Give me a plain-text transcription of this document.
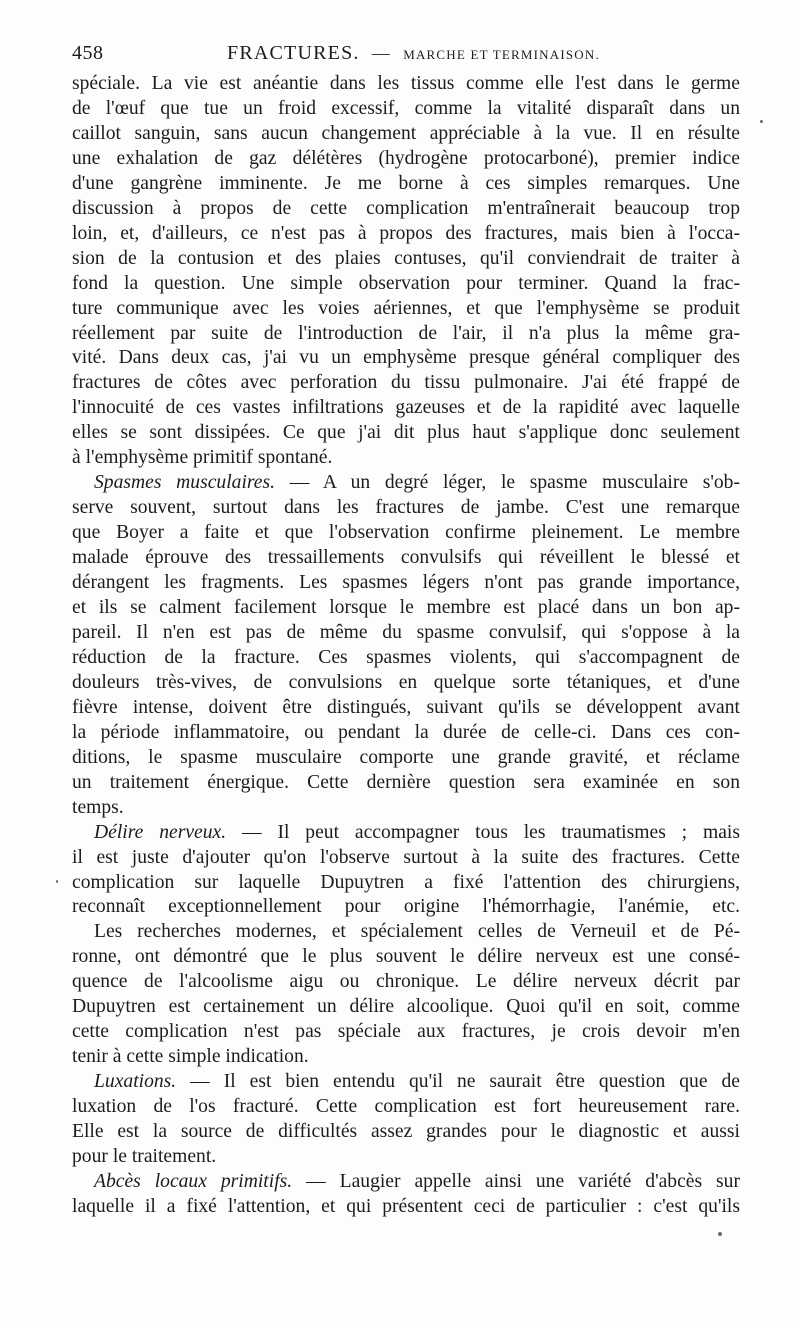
458	FRACTURES. — MARCHE ET TERMINAISON.

spéciale. La vie est anéantie dans les tissus comme elle l'est dans le germe

de l'œuf que tue un froid excessif, comme la vitalité disparaît dans un

caillot sanguin, sans aucun changement appréciable à la vue. Il en résulte

une exhalation de gaz délétères (hydrogène protocarboné), premier indice

d'une gangrène imminente. Je me borne à ces simples remarques. Une

discussion à propos de cette complication m'entraînerait beaucoup trop

loin, et, d'ailleurs, ce n'est pas à propos des fractures, mais bien à l'occa-

sion de la contusion et des plaies contuses, qu'il conviendrait de traiter à

fond la question. Une simple observation pour terminer. Quand la frac-

ture communique avec les voies aériennes, et que l'emphysème se produit

réellement par suite de l'introduction de l'air, il n'a plus la même gra-

vité. Dans deux cas, j'ai vu un emphysème presque général compliquer des

fractures de côtes avec perforation du tissu pulmonaire. J'ai été frappé de

l'innocuité de ces vastes infiltrations gazeuses et de la rapidité avec laquelle

elles se sont dissipées. Ce que j'ai dit plus haut s'applique donc seulement

à l'emphysème primitif spontané.

Spasmes musculaires. — A un degré léger, le spasme musculaire s'ob-

serve souvent, surtout dans les fractures de jambe. C'est une remarque

que Boyer a faite et que l'observation confirme pleinement. Le membre

malade éprouve des tressaillements convulsifs qui réveillent le blessé et

dérangent les fragments. Les spasmes légers n'ont pas grande importance,

et ils se calment facilement lorsque le membre est placé dans un bon ap-

pareil. Il n'en est pas de même du spasme convulsif, qui s'oppose à la

réduction de la fracture. Ces spasmes violents, qui s'accompagnent de

douleurs très-vives, de convulsions en quelque sorte tétaniques, et d'une

fièvre intense, doivent être distingués, suivant qu'ils se développent avant

la période inflammatoire, ou pendant la durée de celle-ci. Dans ces con-

ditions, le spasme musculaire comporte une grande gravité, et réclame

un traitement énergique. Cette dernière question sera examinée en son

temps.

Délire nerveux. — Il peut accompagner tous les traumatismes ; mais

il est juste d'ajouter qu'on l'observe surtout à la suite des fractures. Cette

complication sur laquelle Dupuytren a fixé l'attention des chirurgiens,

reconnaît exceptionnellement pour origine l'hémorrhagie, l'anémie, etc.

Les recherches modernes, et spécialement celles de Verneuil et de Pé-

ronne, ont démontré que le plus souvent le délire nerveux est une consé-

quence de l'alcoolisme aigu ou chronique. Le délire nerveux décrit par

Dupuytren est certainement un délire alcoolique. Quoi qu'il en soit, comme

cette complication n'est pas spéciale aux fractures, je crois devoir m'en

tenir à cette simple indication.

Luxations. — Il est bien entendu qu'il ne saurait être question que de

luxation de l'os fracturé. Cette complication est fort heureusement rare.

Elle est la source de difficultés assez grandes pour le diagnostic et aussi

pour le traitement.

Abcès locaux primitifs. — Laugier appelle ainsi une variété d'abcès sur

laquelle il a fixé l'attention, et qui présentent ceci de particulier : c'est qu'ils
